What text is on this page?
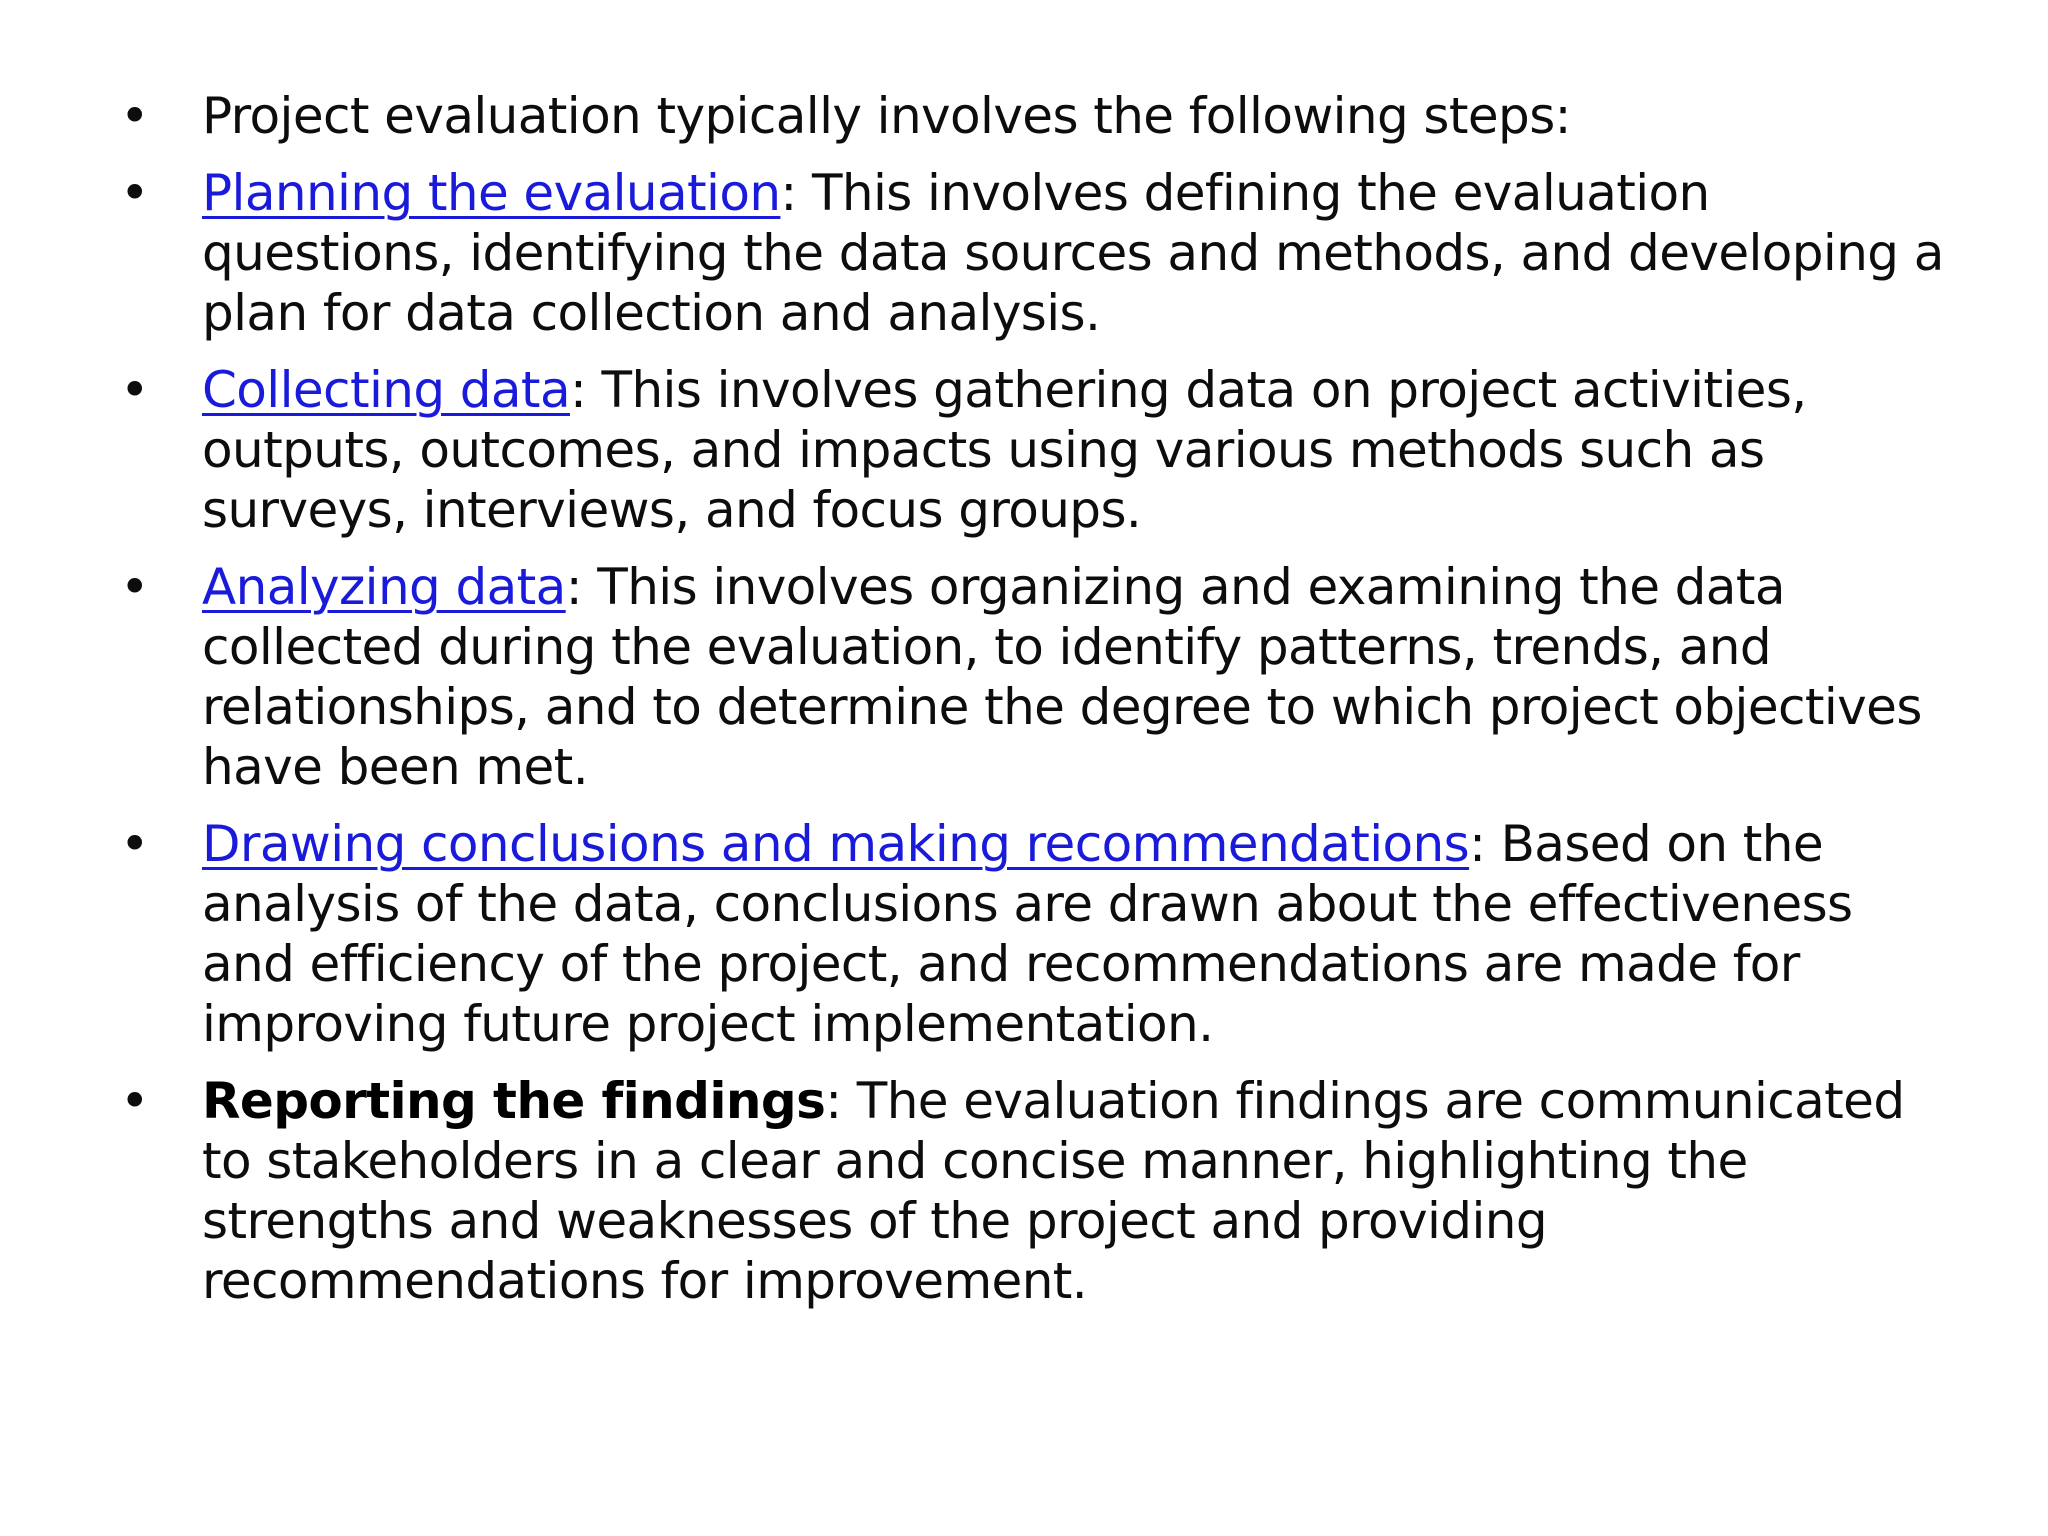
• Project evaluation typically involves the following steps:
• Planning the evaluation: This involves defining the evaluation questions, identifying the data sources and methods, and developing a plan for data collection and analysis.
• Collecting data: This involves gathering data on project activities, outputs, outcomes, and impacts using various methods such as surveys, interviews, and focus groups.
• Analyzing data: This involves organizing and examining the data collected during the evaluation, to identify patterns, trends, and relationships, and to determine the degree to which project objectives have been met.
• Drawing conclusions and making recommendations: Based on the analysis of the data, conclusions are drawn about the effectiveness and efficiency of the project, and recommendations are made for improving future project implementation.
• Reporting the findings: The evaluation findings are communicated to stakeholders in a clear and concise manner, highlighting the strengths and weaknesses of the project and providing recommendations for improvement.
